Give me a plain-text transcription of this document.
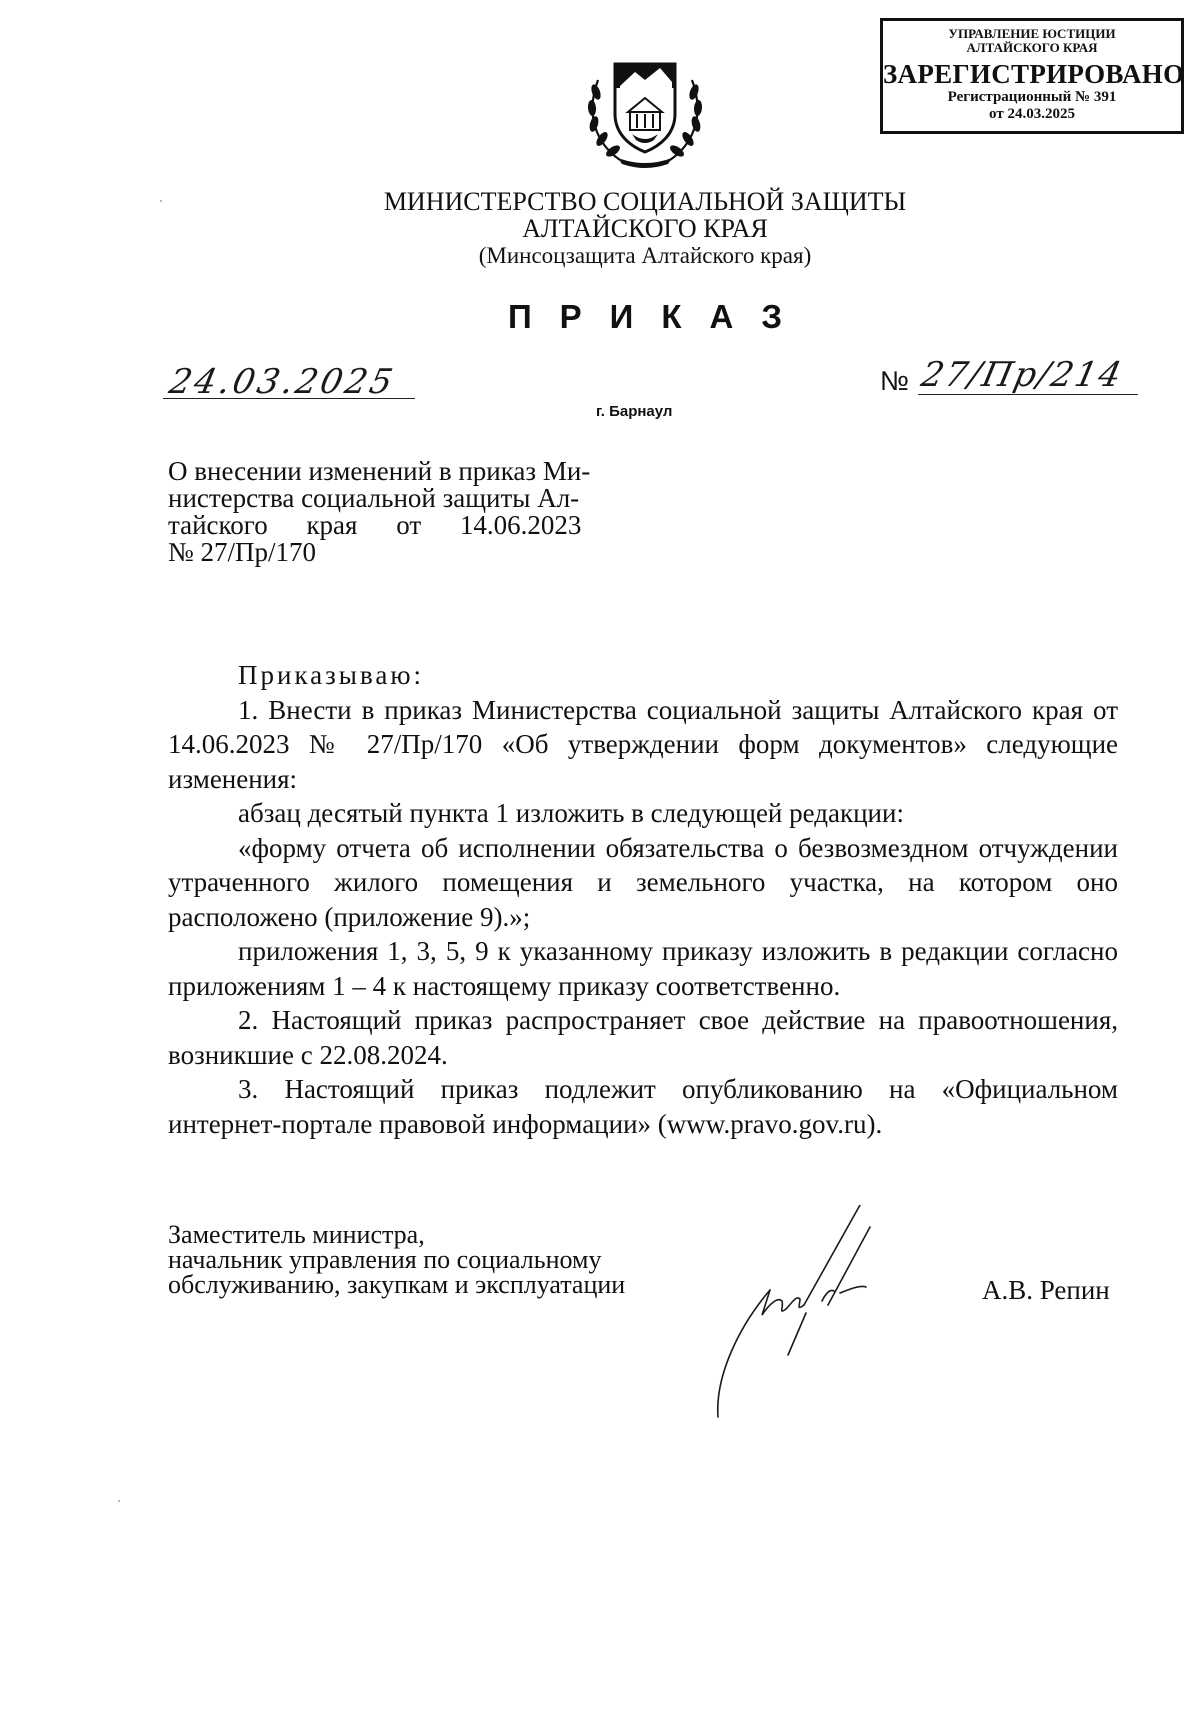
УПРАВЛЕНИЕ ЮСТИЦИИ
АЛТАЙСКОГО КРАЯ
ЗАРЕГИСТРИРОВАНО
Регистрационный № 391
от 24.03.2025
МИНИСТЕРСТВО СОЦИАЛЬНОЙ ЗАЩИТЫ
АЛТАЙСКОГО КРАЯ
(Минсоцзащита Алтайского края)
ПРИКАЗ
24.03.2025	№ 27/Пр/214
г. Барнаул
О внесении изменений в приказ Ми-
нистерства социальной защиты Ал-
тайского края от 14.06.2023
№ 27/Пр/170

Приказываю:

1. Внести в приказ Министерства социальной защиты Алтайского края от 14.06.2023 № 27/Пр/170 «Об утверждении форм документов» следующие изменения:

абзац десятый пункта 1 изложить в следующей редакции:

«форму отчета об исполнении обязательства о безвозмездном отчуждении утраченного жилого помещения и земельного участка, на котором оно расположено (приложение 9).»;

приложения 1, 3, 5, 9 к указанному приказу изложить в редакции согласно приложениям 1 – 4 к настоящему приказу соответственно.

2. Настоящий приказ распространяет свое действие на правоотношения, возникшие с 22.08.2024.

3. Настоящий приказ подлежит опубликованию на «Официальном интернет-портале правовой информации» (www.pravo.gov.ru).

Заместитель министра,
начальник управления по социальному
обслуживанию, закупкам и эксплуатации	А.В. Репин
